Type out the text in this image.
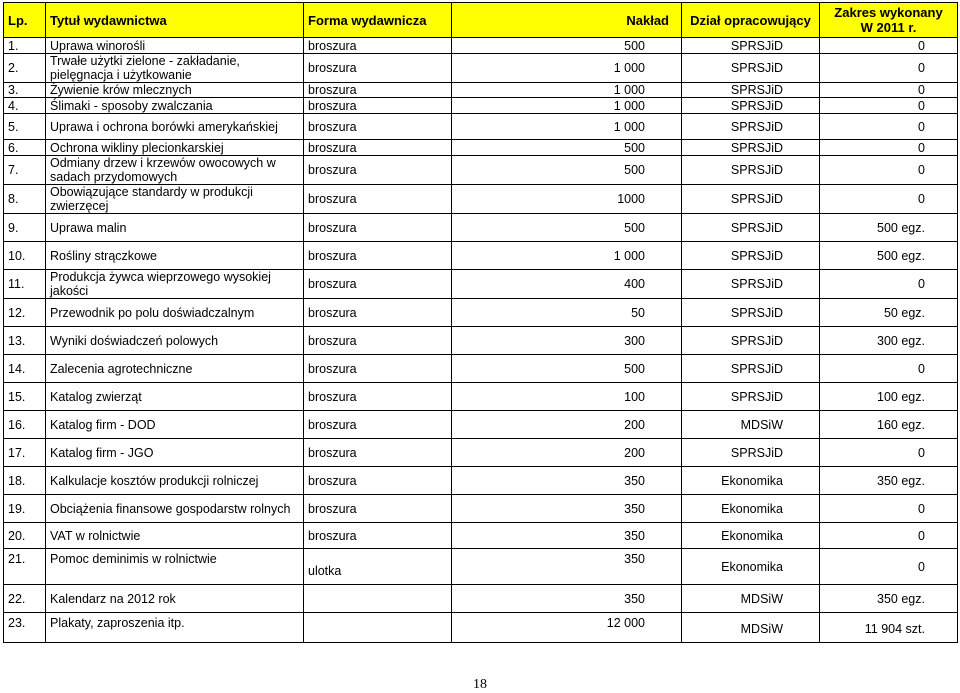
Lp.	Tytuł wydawnictwa	Forma wydawnicza	Nakład	Dział opracowujący	Zakres wykonany
W 2011 r.

1.	Uprawa winorośli	broszura	500	SPRSJiD	0
2.	Trwałe użytki zielone - zakładanie, pielęgnacja i użytkowanie	broszura	1 000	SPRSJiD	0
3.	Żywienie krów mlecznych	broszura	1 000	SPRSJiD	0
4.	Ślimaki - sposoby zwalczania	broszura	1 000	SPRSJiD	0
5.	Uprawa i ochrona borówki amerykańskiej	broszura	1 000	SPRSJiD	0
6.	Ochrona wikliny plecionkarskiej	broszura	500	SPRSJiD	0
7.	Odmiany drzew i krzewów owocowych w sadach przydomowych	broszura	500	SPRSJiD	0
8.	Obowiązujące standardy w produkcji zwierzęcej	broszura	1000	SPRSJiD	0
9.	Uprawa malin	broszura	500	SPRSJiD	500 egz.
10.	Rośliny strączkowe	broszura	1 000	SPRSJiD	500 egz.
11.	Produkcja żywca wieprzowego wysokiej jakości	broszura	400	SPRSJiD	0
12.	Przewodnik po polu doświadczalnym	broszura	50	SPRSJiD	50 egz.
13.	Wyniki doświadczeń polowych	broszura	300	SPRSJiD	300 egz.
14.	Zalecenia agrotechniczne	broszura	500	SPRSJiD	0
15.	Katalog zwierząt	broszura	100	SPRSJiD	100 egz.
16.	Katalog firm - DOD	broszura	200	MDSiW	160 egz.
17.	Katalog firm - JGO	broszura	200	SPRSJiD	0
18.	Kalkulacje kosztów produkcji rolniczej	broszura	350	Ekonomika	350 egz.
19.	Obciążenia finansowe gospodarstw rolnych	broszura	350	Ekonomika	0
20.	VAT w rolnictwie	broszura	350	Ekonomika	0
21.	Pomoc deminimis w rolnictwie	ulotka	350	Ekonomika	0
22.	Kalendarz na 2012 rok		350	MDSiW	350 egz.
23.	Plakaty, zaproszenia itp.		12 000	MDSiW	11 904 szt.
18
